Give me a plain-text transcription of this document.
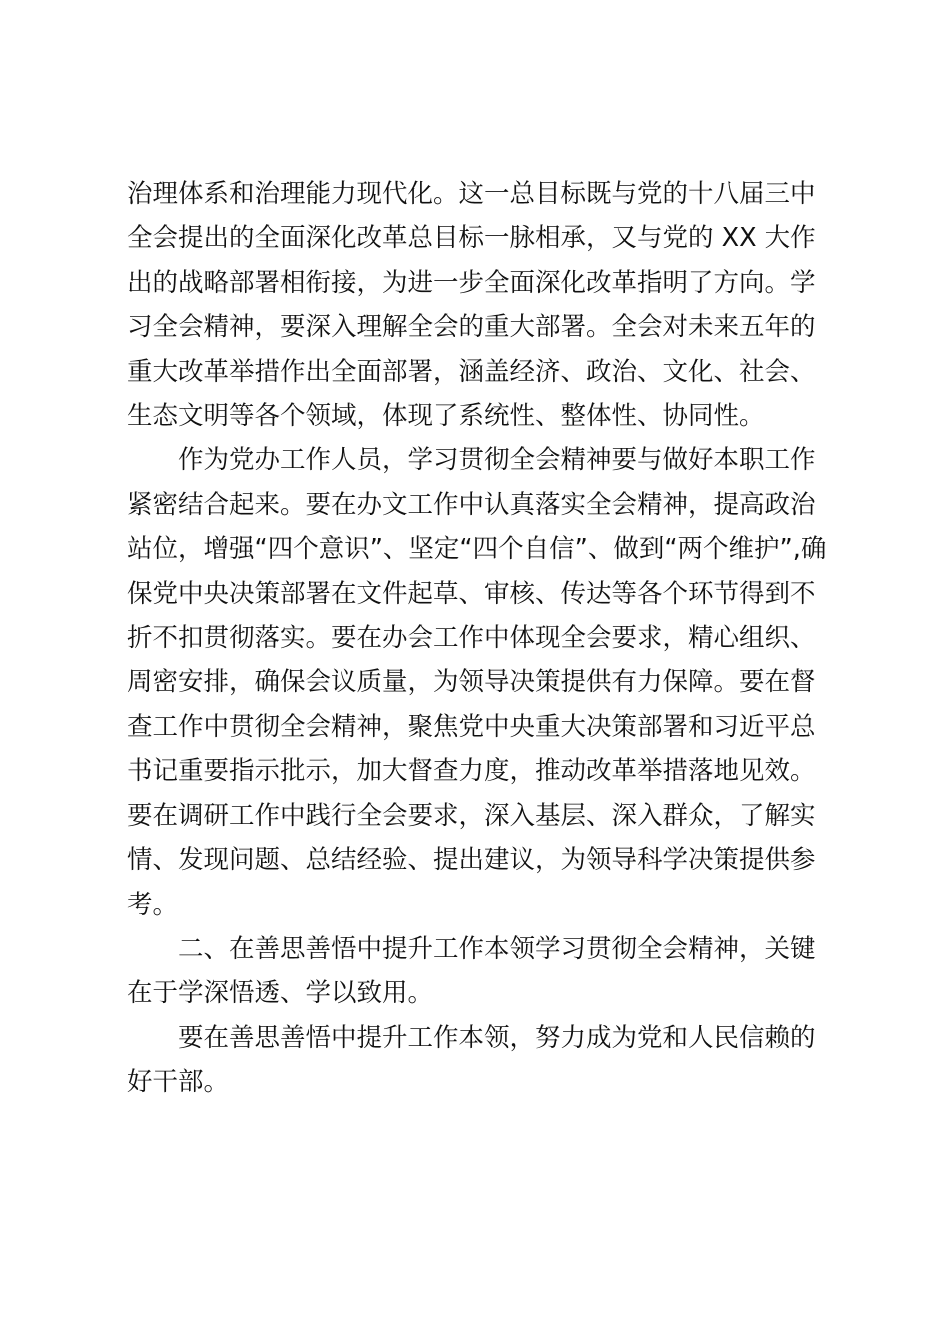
治理体系和治理能力现代化。这一总目标既与党的十八届三中
全会提出的全面深化改革总目标一脉相承，又与党的 XX 大作
出的战略部署相衔接，为进一步全面深化改革指明了方向。学
习全会精神，要深入理解全会的重大部署。全会对未来五年的
重大改革举措作出全面部署，涵盖经济、政治、文化、社会、
生态文明等各个领域，体现了系统性、整体性、协同性。

作为党办工作人员，学习贯彻全会精神要与做好本职工作
紧密结合起来。要在办文工作中认真落实全会精神，提高政治
站位，增强“四个意识”、坚定“四个自信”、做到“两个维护”,确
保党中央决策部署在文件起草、审核、传达等各个环节得到不
折不扣贯彻落实。要在办会工作中体现全会要求，精心组织、
周密安排，确保会议质量，为领导决策提供有力保障。要在督
查工作中贯彻全会精神，聚焦党中央重大决策部署和习近平总
书记重要指示批示，加大督查力度，推动改革举措落地见效。
要在调研工作中践行全会要求，深入基层、深入群众，了解实
情、发现问题、总结经验、提出建议，为领导科学决策提供参
考。

二、在善思善悟中提升工作本领学习贯彻全会精神，关键
在于学深悟透、学以致用。

要在善思善悟中提升工作本领，努力成为党和人民信赖的
好干部。
